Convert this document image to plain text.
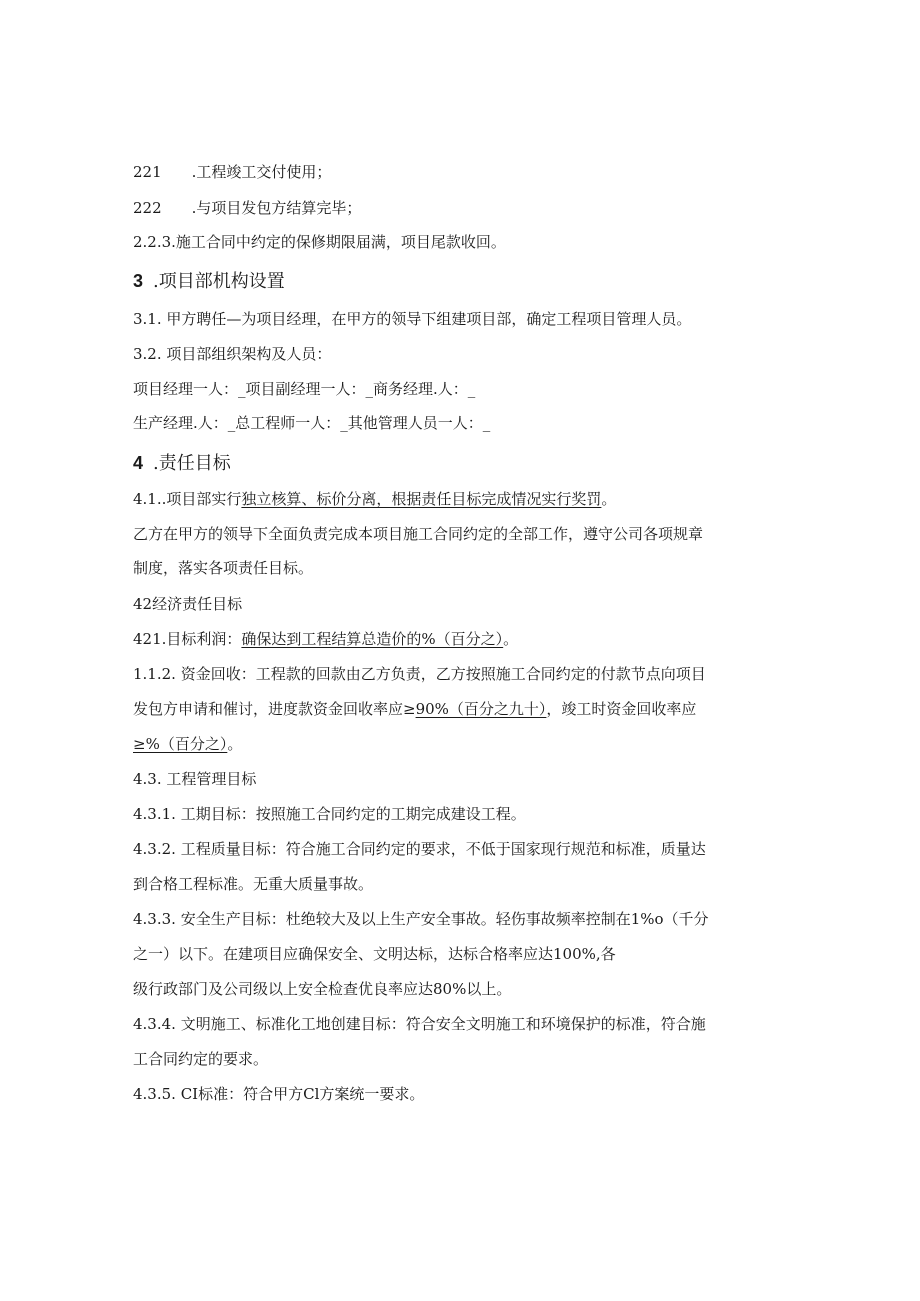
221 .工程竣工交付使用；
222 .与项目发包方结算完毕；
2.2.3.施工合同中约定的保修期限届满，项目尾款收回。
3 .项目部机构设置
3.1. 甲方聘任—为项目经理，在甲方的领导下组建项目部，确定工程项目管理人员。
3.2. 项目部组织架构及人员：
项目经理一人：_项目副经理一人：_商务经理.人：_
生产经理.人：_总工程师一人：_其他管理人员一人：_
4 .责任目标
4.1..项目部实行独立核算、标价分离，根据责任目标完成情况实行奖罚。
乙方在甲方的领导下全面负责完成本项目施工合同约定的全部工作，遵守公司各项规章
制度，落实各项责任目标。
42经济责任目标
421.目标利润：确保达到工程结算总造价的%（百分之）。
1.1.2. 资金回收：工程款的回款由乙方负责，乙方按照施工合同约定的付款节点向项目
发包方申请和催讨，进度款资金回收率应≥90%（百分之九十），竣工时资金回收率应
≥%（百分之）。
4.3. 工程管理目标
4.3.1. 工期目标：按照施工合同约定的工期完成建设工程。
4.3.2. 工程质量目标：符合施工合同约定的要求，不低于国家现行规范和标准，质量达
到合格工程标准。无重大质量事故。
4.3.3. 安全生产目标：杜绝较大及以上生产安全事故。轻伤事故频率控制在1%o（千分
之一）以下。在建项目应确保安全、文明达标，达标合格率应达100%,各
级行政部门及公司级以上安全检查优良率应达80%以上。
4.3.4. 文明施工、标准化工地创建目标：符合安全文明施工和环境保护的标准，符合施
工合同约定的要求。
4.3.5. CI标准：符合甲方Cl方案统一要求。
